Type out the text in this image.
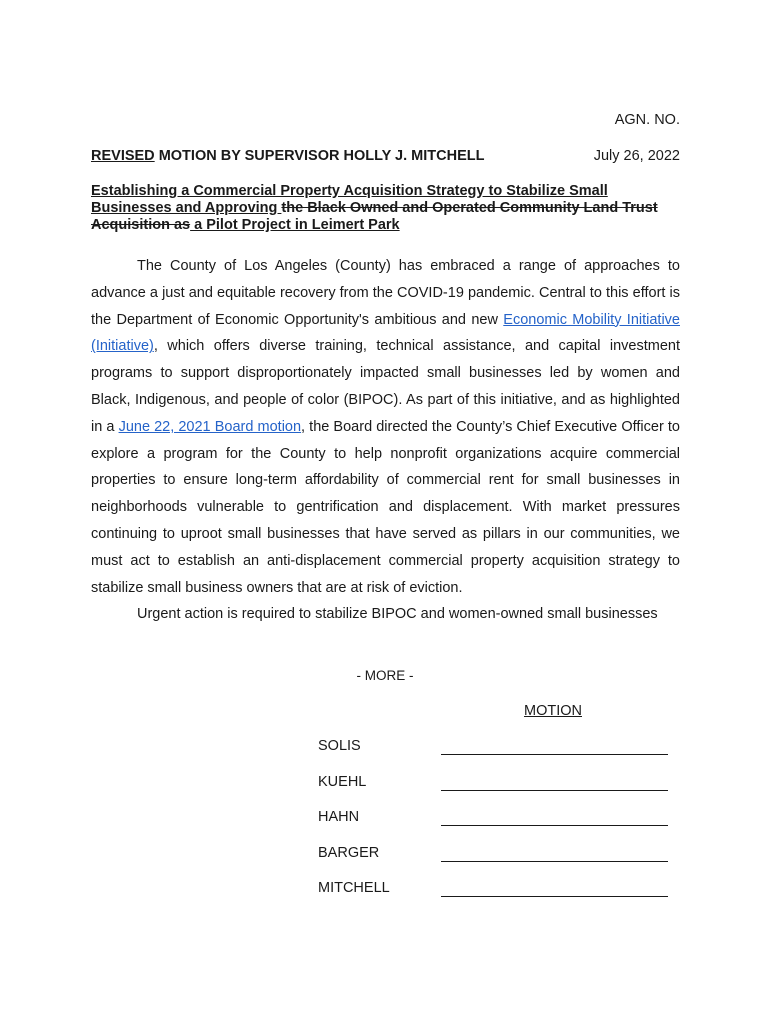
AGN. NO.
REVISED MOTION BY SUPERVISOR HOLLY J. MITCHELL	July 26, 2022
Establishing a Commercial Property Acquisition Strategy to Stabilize Small Businesses and Approving the Black Owned and Operated Community Land Trust Acquisition as a Pilot Project in Leimert Park

The County of Los Angeles (County) has embraced a range of approaches to advance a just and equitable recovery from the COVID-19 pandemic. Central to this effort is the Department of Economic Opportunity's ambitious and new Economic Mobility Initiative (Initiative), which offers diverse training, technical assistance, and capital investment programs to support disproportionately impacted small businesses led by women and Black, Indigenous, and people of color (BIPOC). As part of this initiative, and as highlighted in a June 22, 2021 Board motion, the Board directed the County’s Chief Executive Officer to explore a program for the County to help nonprofit organizations acquire commercial properties to ensure long-term affordability of commercial rent for small businesses in neighborhoods vulnerable to gentrification and displacement. With market pressures continuing to uproot small businesses that have served as pillars in our communities, we must act to establish an anti-displacement commercial property acquisition strategy to stabilize small business owners that are at risk of eviction.

Urgent action is required to stabilize BIPOC and women-owned small businesses

- MORE -
MOTION
SOLIS
KUEHL
HAHN
BARGER
MITCHELL
